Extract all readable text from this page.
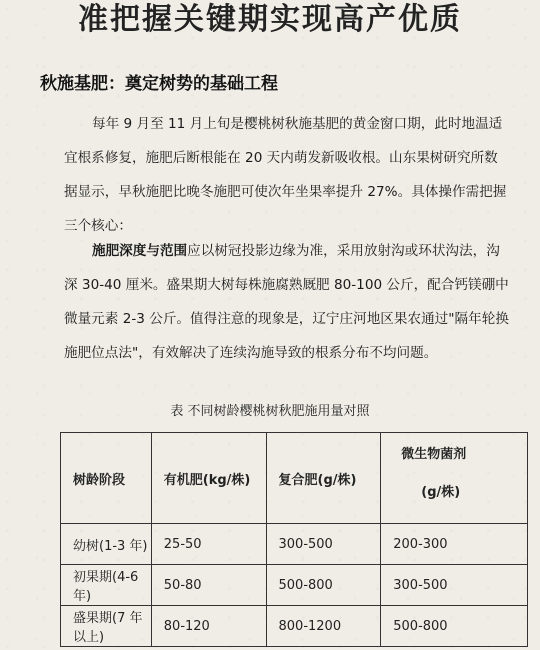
准把握关键期实现高产优质
秋施基肥：奠定树势的基础工程

每年 9 月至 11 月上旬是樱桃树秋施基肥的黄金窗口期，此时地温适宜根系修复，施肥后断根能在 20 天内萌发新吸收根。山东果树研究所数据显示，早秋施肥比晚冬施肥可使次年坐果率提升 27%。具体操作需把握三个核心：

施肥深度与范围应以树冠投影边缘为准，采用放射沟或环状沟法，沟深 30-40 厘米。盛果期大树每株施腐熟厩肥 80-100 公斤，配合钙镁硼中微量元素 2-3 公斤。值得注意的现象是，辽宁庄河地区果农通过"隔年轮换施肥位点法"，有效解决了连续沟施导致的根系分布不均问题。

表 不同树龄樱桃树秋肥施用量对照
树龄阶段	有机肥(kg/株)	复合肥(g/株)	微生物菌剂
(g/株)

幼树(1-3 年)	25-50	300-500	200-300
初果期(4-6 年)	50-80	500-800	300-500
盛果期(7 年以上)	80-120	800-1200	500-800
